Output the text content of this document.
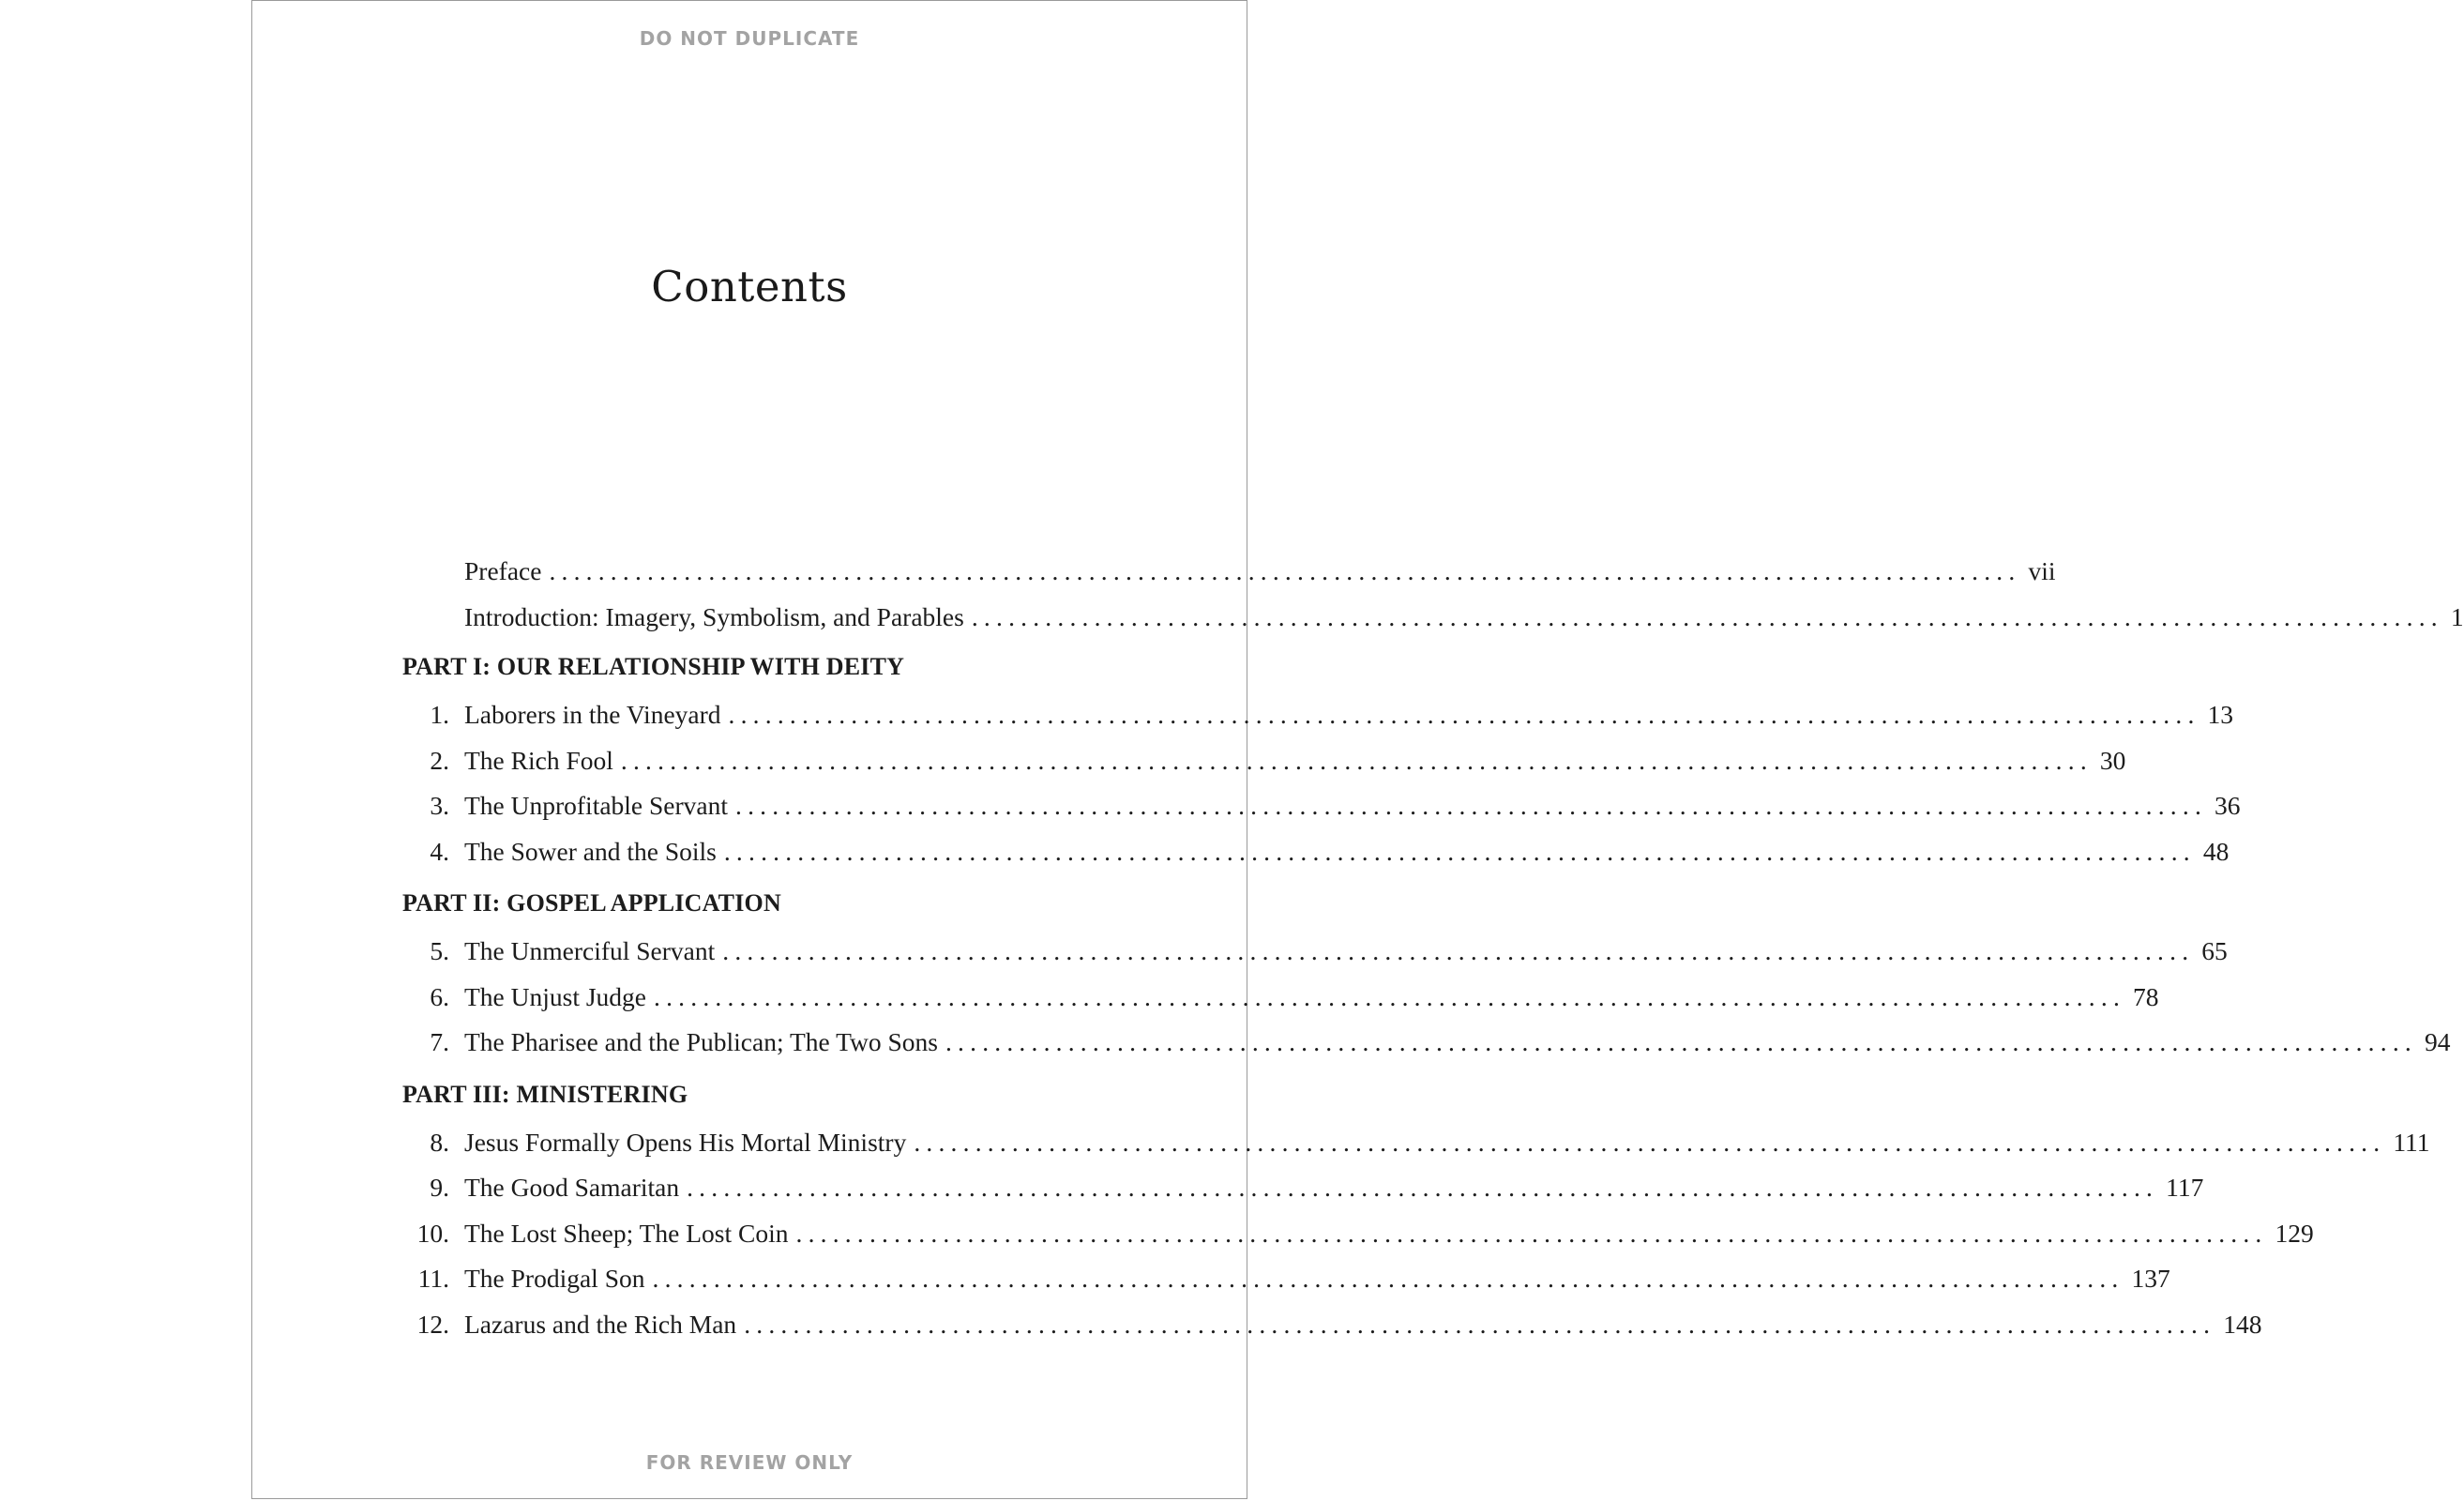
DO NOT DUPLICATE
Contents
Preface ........................................................................................................................ vii
Introduction: Imagery, Symbolism, and Parables ........................................................................................................................ 1
PART I: OUR RELATIONSHIP WITH DEITY
1. Laborers in the Vineyard ........................................................................................................................ 13
2. The Rich Fool ........................................................................................................................ 30
3. The Unprofitable Servant ........................................................................................................................ 36
4. The Sower and the Soils ........................................................................................................................ 48
PART II: GOSPEL APPLICATION
5. The Unmerciful Servant ........................................................................................................................ 65
6. The Unjust Judge ........................................................................................................................ 78
7. The Pharisee and the Publican; The Two Sons ........................................................................................................................ 94
PART III: MINISTERING
8. Jesus Formally Opens His Mortal Ministry ........................................................................................................................ 111
9. The Good Samaritan ........................................................................................................................ 117
10. The Lost Sheep; The Lost Coin ........................................................................................................................ 129
11. The Prodigal Son ........................................................................................................................ 137
12. Lazarus and the Rich Man ........................................................................................................................ 148
FOR REVIEW ONLY
